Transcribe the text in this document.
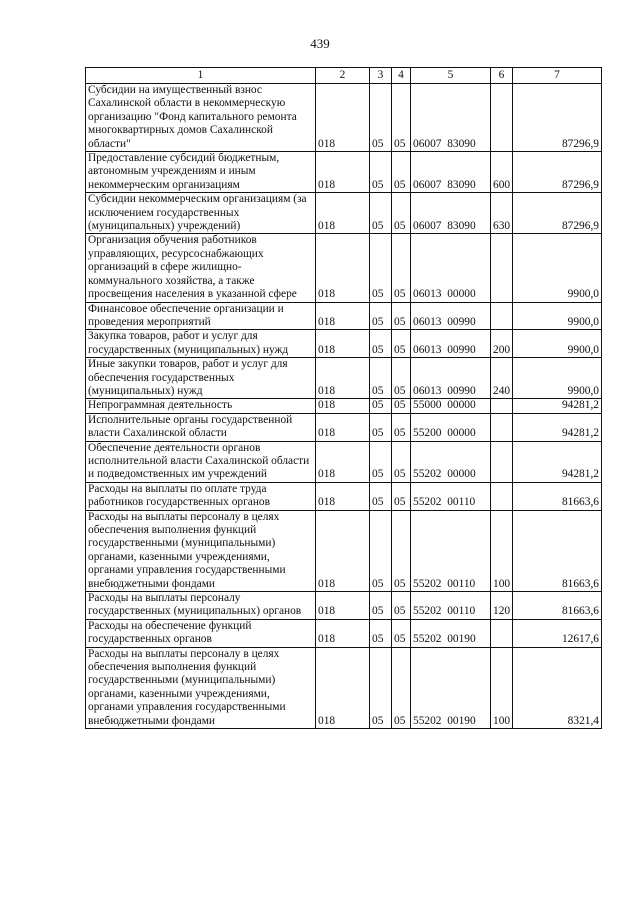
439
1	2	3	4	5	6	7
Субсидии на имущественный взнос Сахалинской области в некоммерческую организацию "Фонд капитального ремонта многоквартирных домов Сахалинской области"	018	05	05	06007 83090		87296,9
Предоставление субсидий бюджетным, автономным учреждениям и иным некоммерческим организациям	018	05	05	06007 83090	600	87296,9
Субсидии некоммерческим организациям (за исключением государственных (муниципальных) учреждений)	018	05	05	06007 83090	630	87296,9
Организация обучения работников управляющих, ресурсоснабжающих организаций в сфере жилищно-коммунального хозяйства, а также просвещения населения в указанной сфере	018	05	05	06013 00000		9900,0
Финансовое обеспечение организации и проведения мероприятий	018	05	05	06013 00990		9900,0
Закупка товаров, работ и услуг для государственных (муниципальных) нужд	018	05	05	06013 00990	200	9900,0
Иные закупки товаров, работ и услуг для обеспечения государственных (муниципальных) нужд	018	05	05	06013 00990	240	9900,0
Непрограммная деятельность	018	05	05	55000 00000		94281,2
Исполнительные органы государственной власти Сахалинской области	018	05	05	55200 00000		94281,2
Обеспечение деятельности органов исполнительной власти Сахалинской области и подведомственных им учреждений	018	05	05	55202 00000		94281,2
Расходы на выплаты по оплате труда работников государственных органов	018	05	05	55202 00110		81663,6
Расходы на выплаты персоналу в целях обеспечения выполнения функций государственными (муниципальными) органами, казенными учреждениями, органами управления государственными внебюджетными фондами	018	05	05	55202 00110	100	81663,6
Расходы на выплаты персоналу государственных (муниципальных) органов	018	05	05	55202 00110	120	81663,6
Расходы на обеспечение функций государственных органов	018	05	05	55202 00190		12617,6
Расходы на выплаты персоналу в целях обеспечения выполнения функций государственными (муниципальными) органами, казенными учреждениями, органами управления государственными внебюджетными фондами	018	05	05	55202 00190	100	8321,4
